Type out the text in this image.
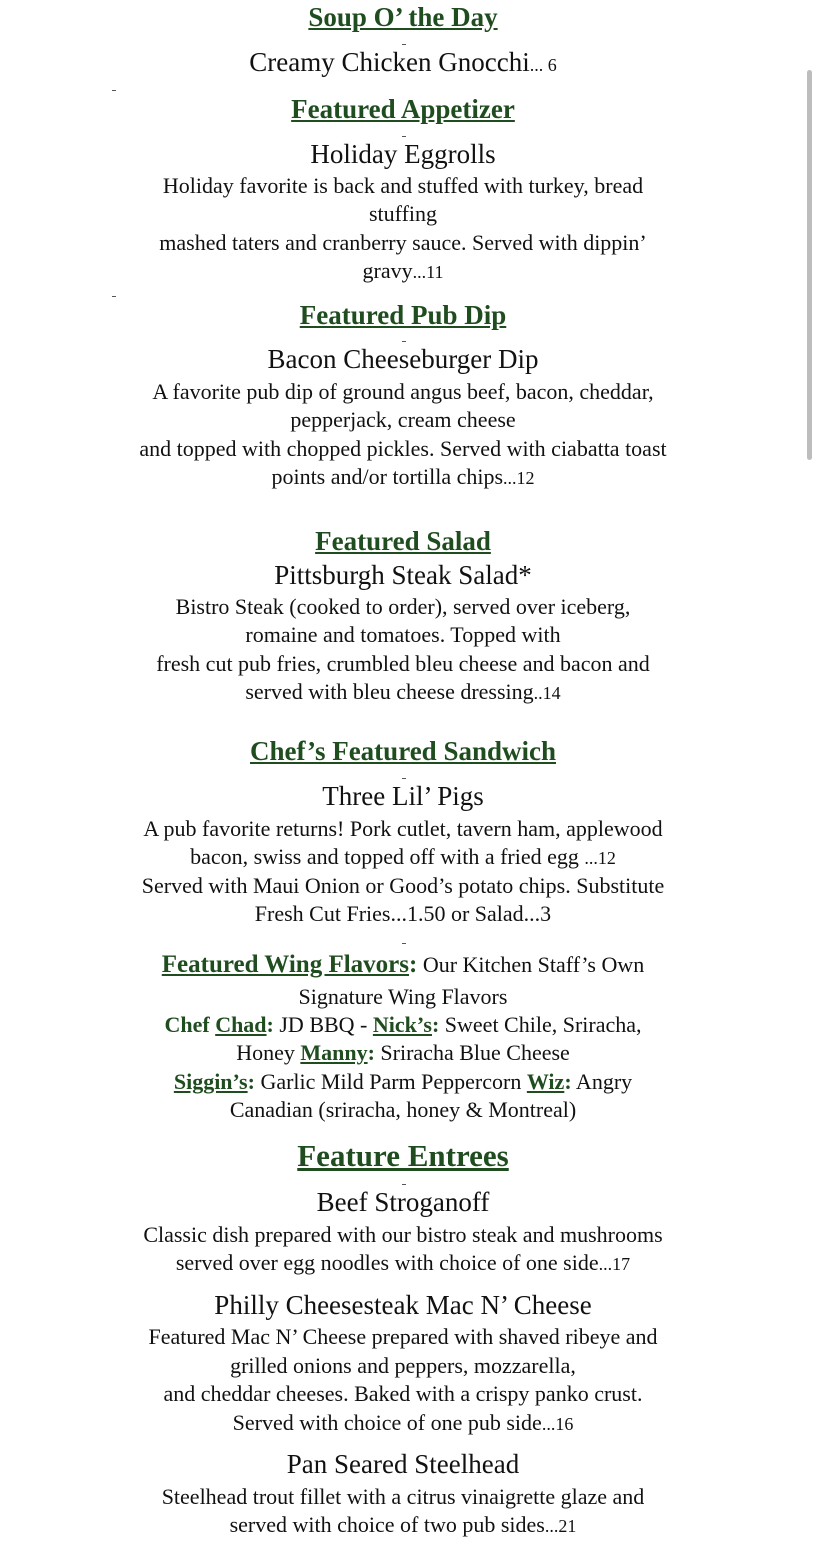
Soup O’ the Day
Creamy Chicken Gnocchi... 6
Featured Appetizer
Holiday Eggrolls
Holiday favorite is back and stuffed with turkey, bread
stuffing
mashed taters and cranberry sauce. Served with dippin’
gravy...11
Featured Pub Dip
Bacon Cheeseburger Dip
A favorite pub dip of ground angus beef, bacon, cheddar,
pepperjack, cream cheese
and topped with chopped pickles. Served with ciabatta toast
points and/or tortilla chips...12
Featured Salad
Pittsburgh Steak Salad*
Bistro Steak (cooked to order), served over iceberg,
romaine and tomatoes. Topped with
fresh cut pub fries, crumbled bleu cheese and bacon and
served with bleu cheese dressing..14
Chef’s Featured Sandwich
Three Lil’ Pigs
A pub favorite returns! Pork cutlet, tavern ham, applewood
bacon, swiss and topped off with a fried egg ...12
Served with Maui Onion or Good’s potato chips. Substitute
Fresh Cut Fries...1.50 or Salad...3
Featured Wing Flavors: Our Kitchen Staff’s Own
Signature Wing Flavors
Chef Chad: JD BBQ - Nick’s: Sweet Chile, Sriracha,
Honey Manny: Sriracha Blue Cheese
Siggin’s: Garlic Mild Parm Peppercorn Wiz: Angry
Canadian (sriracha, honey & Montreal)
Feature Entrees
Beef Stroganoff
Classic dish prepared with our bistro steak and mushrooms
served over egg noodles with choice of one side...17
Philly Cheesesteak Mac N’ Cheese
Featured Mac N’ Cheese prepared with shaved ribeye and
grilled onions and peppers, mozzarella,
and cheddar cheeses. Baked with a crispy panko crust.
Served with choice of one pub side...16
Pan Seared Steelhead
Steelhead trout fillet with a citrus vinaigrette glaze and
served with choice of two pub sides...21
